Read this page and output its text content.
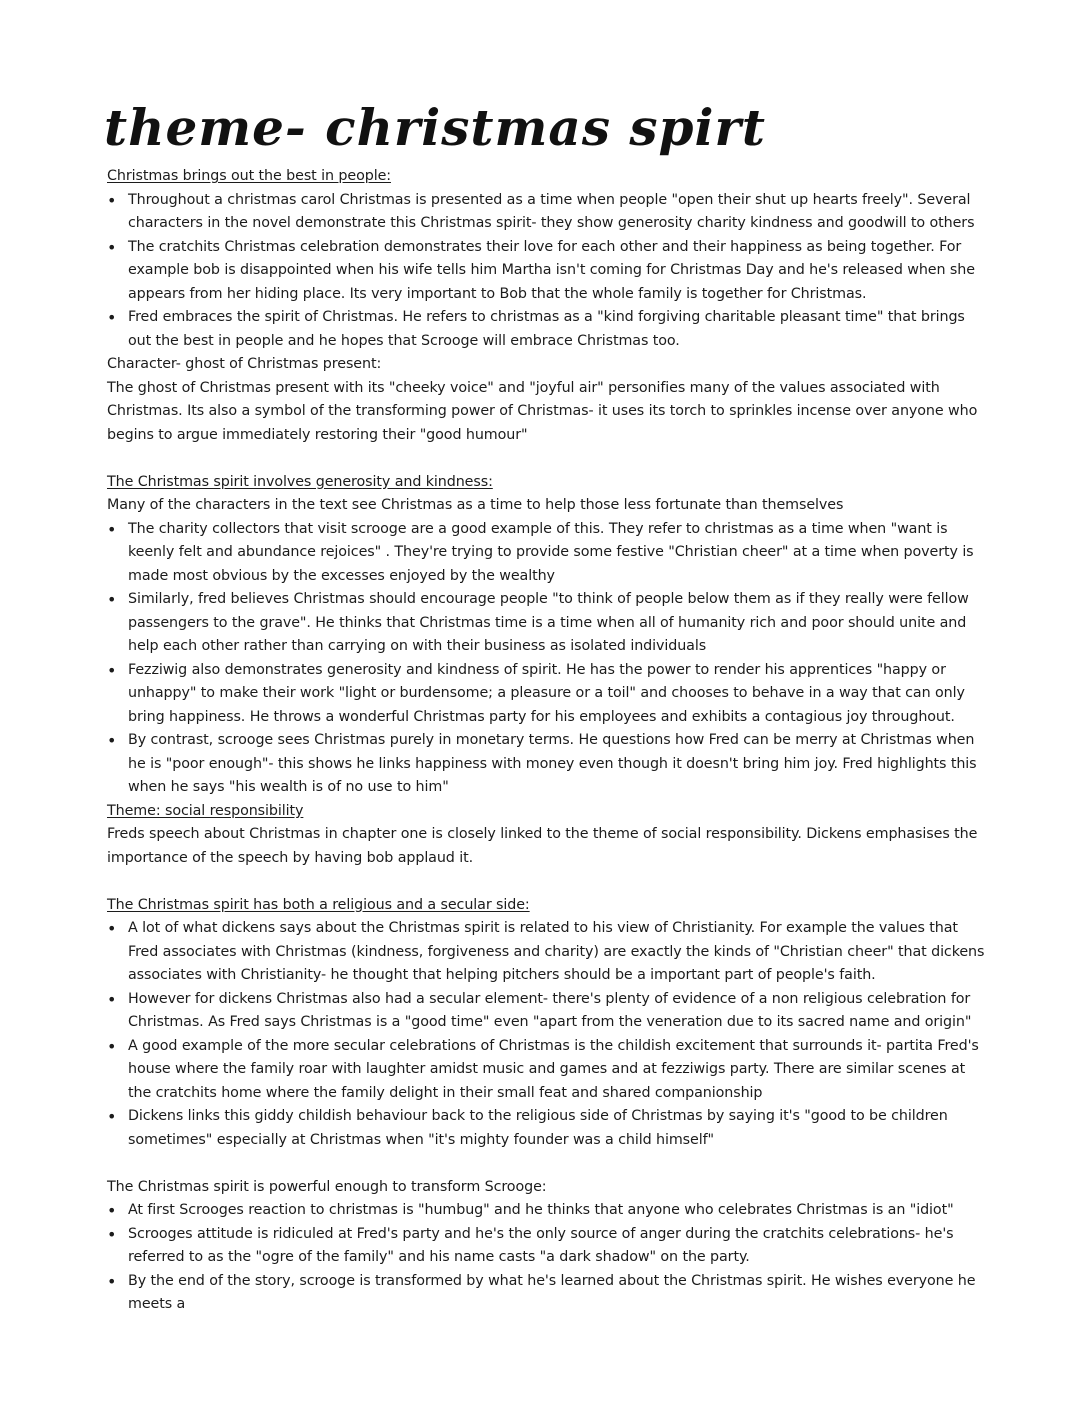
theme- christmas spirt

Christmas brings out the best in people:

• Throughout a christmas carol Christmas is presented as a time when people "open their shut up hearts freely". Several characters in the novel demonstrate this Christmas spirit- they show generosity charity kindness and goodwill to others
• The cratchits Christmas celebration demonstrates their love for each other and their happiness as being together. For example bob is disappointed when his wife tells him Martha isn't coming for Christmas Day and he's released when she appears from her hiding place. Its very important to Bob that the whole family is together for Christmas.
• Fred embraces the spirit of Christmas. He refers to christmas as a "kind forgiving charitable pleasant time" that brings out the best in people and he hopes that Scrooge will embrace Christmas too.

Character- ghost of Christmas present:

The ghost of Christmas present with its "cheeky voice" and "joyful air" personifies many of the values associated with Christmas. Its also a symbol of the transforming power of Christmas- it uses its torch to sprinkles incense over anyone who begins to argue immediately restoring their "good humour"

The Christmas spirit involves generosity and kindness:

Many of the characters in the text see Christmas as a time to help those less fortunate than themselves

• The charity collectors that visit scrooge are a good example of this. They refer to christmas as a time when "want is keenly felt and abundance rejoices" . They're trying to provide some festive "Christian cheer" at a time when poverty is made most obvious by the excesses enjoyed by the wealthy
• Similarly, fred believes Christmas should encourage people "to think of people below them as if they really were fellow passengers to the grave". He thinks that Christmas time is a time when all of humanity rich and poor should unite and help each other rather than carrying on with their business as isolated individuals
• Fezziwig also demonstrates generosity and kindness of spirit. He has the power to render his apprentices "happy or unhappy" to make their work "light or burdensome; a pleasure or a toil" and chooses to behave in a way that can only bring happiness. He throws a wonderful Christmas party for his employees and exhibits a contagious joy throughout.
• By contrast, scrooge sees Christmas purely in monetary terms. He questions how Fred can be merry at Christmas when he is "poor enough"- this shows he links happiness with money even though it doesn't bring him joy. Fred highlights this when he says "his wealth is of no use to him"

Theme: social responsibility

Freds speech about Christmas in chapter one is closely linked to the theme of social responsibility. Dickens emphasises the importance of the speech by having bob applaud it.

The Christmas spirit has both a religious and a secular side:

• A lot of what dickens says about the Christmas spirit is related to his view of Christianity. For example the values that Fred associates with Christmas (kindness, forgiveness and charity) are exactly the kinds of "Christian cheer" that dickens associates with Christianity- he thought that helping pitchers should be a important part of people's faith.
• However for dickens Christmas also had a secular element- there's plenty of evidence of a non religious celebration for Christmas. As Fred says Christmas is a "good time" even "apart from the veneration due to its sacred name and origin"
• A good example of the more secular celebrations of Christmas is the childish excitement that surrounds it- partita Fred's house where the family roar with laughter amidst music and games and at fezziwigs party. There are similar scenes at the cratchits home where the family delight in their small feat and shared companionship
• Dickens links this giddy childish behaviour back to the religious side of Christmas by saying it's "good to be children sometimes" especially at Christmas when "it's mighty founder was a child himself"

The Christmas spirit is powerful enough to transform Scrooge:

• At first Scrooges reaction to christmas is "humbug" and he thinks that anyone who celebrates Christmas is an "idiot"
• Scrooges attitude is ridiculed at Fred's party and he's the only source of anger during the cratchits celebrations- he's referred to as the "ogre of the family" and his name casts "a dark shadow" on the party.
• By the end of the story, scrooge is transformed by what he's learned about the Christmas spirit. He wishes everyone he meets a
